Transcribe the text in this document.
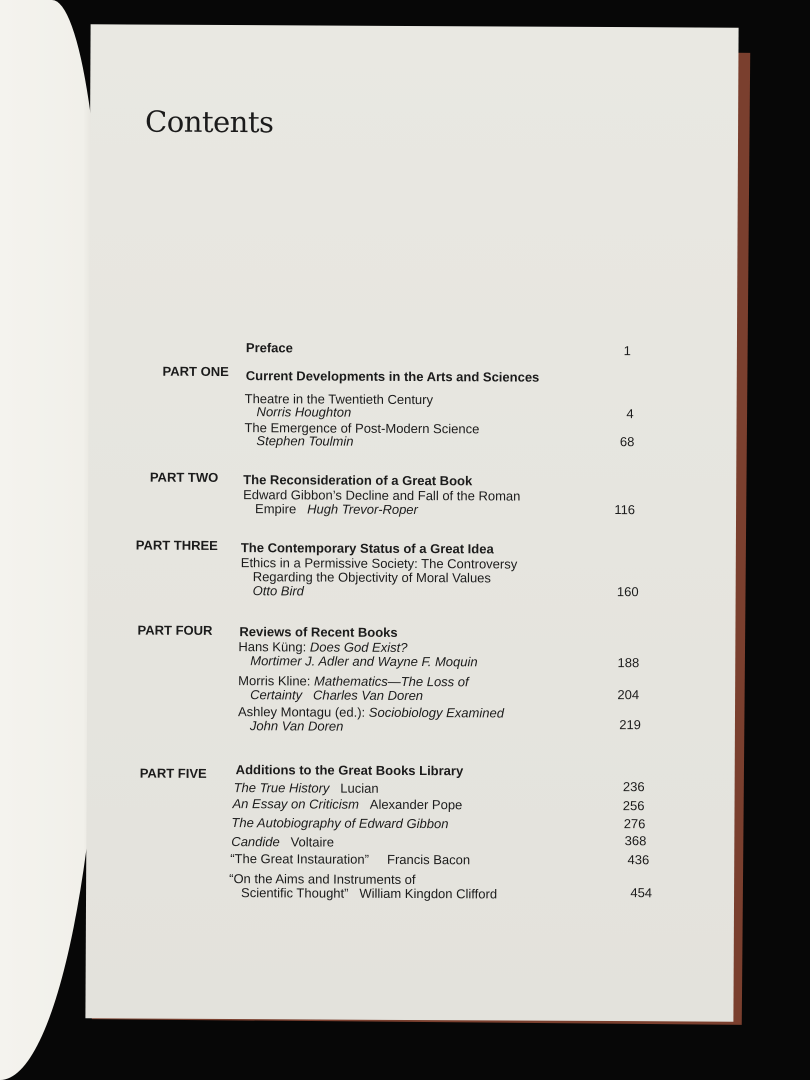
Contents
Preface	1
PART ONE Current Developments in the Arts and Sciences
Theatre in the Twentieth Century
Norris Houghton	4
The Emergence of Post-Modern Science
Stephen Toulmin	68
PART TWO The Reconsideration of a Great Book
Edward Gibbon’s Decline and Fall of the Roman
Empire Hugh Trevor-Roper	116
PART THREE The Contemporary Status of a Great Idea
Ethics in a Permissive Society: The Controversy
Regarding the Objectivity of Moral Values
Otto Bird	160
PART FOUR Reviews of Recent Books
Hans Küng: Does God Exist?
Mortimer J. Adler and Wayne F. Moquin	188
Morris Kline: Mathematics—The Loss of
Certainty Charles Van Doren	204
Ashley Montagu (ed.): Sociobiology Examined
John Van Doren	219
PART FIVE Additions to the Great Books Library
The True History Lucian	236
An Essay on Criticism Alexander Pope	256
The Autobiography of Edward Gibbon	276
Candide Voltaire	368
“The Great Instauration” Francis Bacon	436
“On the Aims and Instruments of
Scientific Thought” William Kingdon Clifford	454
